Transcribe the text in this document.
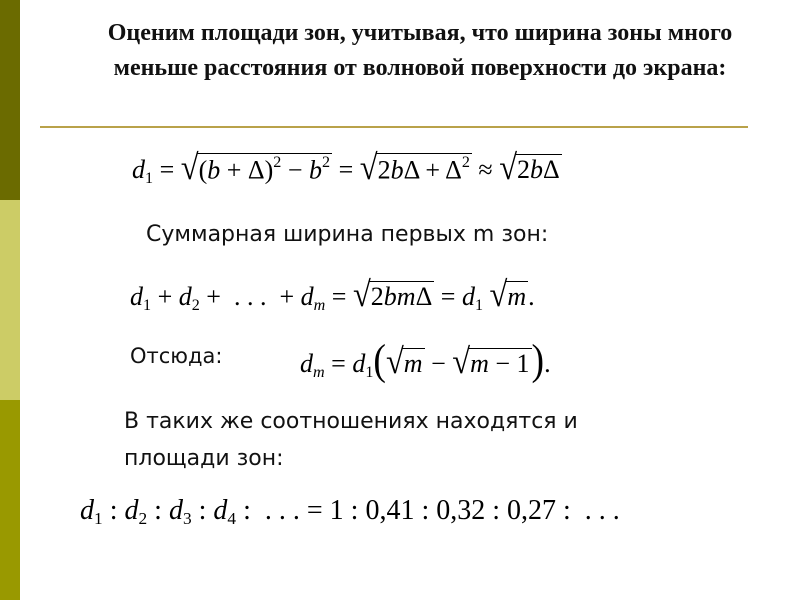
Оценим площади зон, учитывая, что ширина зоны много меньше расстояния от волновой поверхности до экрана:
$d_1 = √(b + \Delta)^2 - b^2 = √2b\Delta + \Delta^2 \approx √2b\Delta$
Суммарная ширина первых m зон:
$d_1 + d_2$ +  . . .  + $d_m = √2bm\Delta = d_1$ √m.
Отсюда:	$d_m = d_1(√m - √m - 1)$.
В таких же соотношениях находятся и площади зон:
$d_1$ : $d_2$ : $d_3$ : $d_4$ :  . . . = 1 : 0,41 : 0,32 : 0,27 :  . . .
